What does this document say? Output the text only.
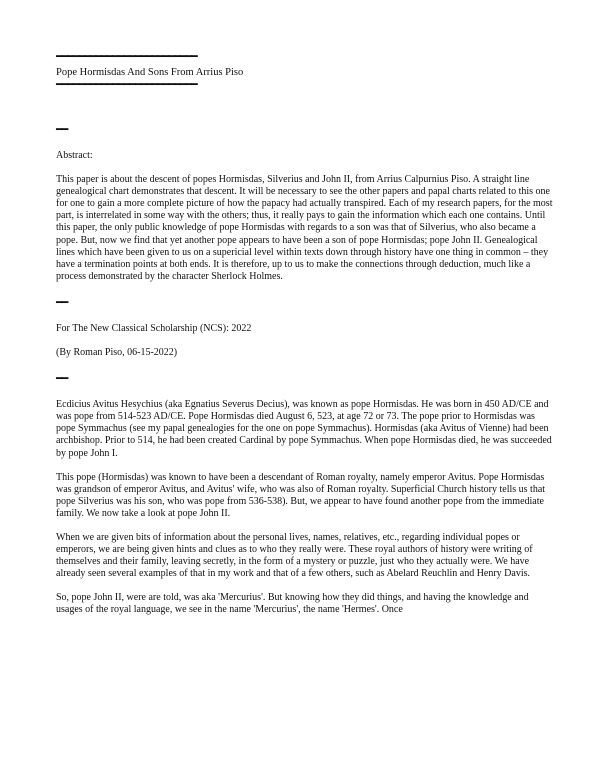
━━━━━━━━━━━━━━━━━━━━━━━━━
Pope Hormisdas And Sons From Arrius Piso
━━━━━━━━━━━━━━━━━━━━━━━━━
━━

Abstract:

This paper is about the descent of popes Hormisdas, Silverius and John II, from Arrius Calpurnius Piso. A straight line genealogical chart demonstrates that descent. It will be necessary to see the other papers and papal charts related to this one for one to gain a more complete picture of how the papacy had actually transpired. Each of my research papers, for the most part, is interrelated in some way with the others; thus, it really pays to gain the information which each one contains. Until this paper, the only public knowledge of pope Hormisdas with regards to a son was that of Silverius, who also became a pope. But, now we find that yet another pope appears to have been a son of pope Hormisdas; pope John II. Genealogical lines which have been given to us on a supericial level within texts down through history have one thing in common – they have a termination points at both ends. It is therefore, up to us to make the connections through deduction, much like a process demonstrated by the character Sherlock Holmes.

━━

For The New Classical Scholarship (NCS): 2022

(By Roman Piso, 06-15-2022)

━━

Ecdicius Avitus Hesychius (aka Egnatius Severus Decius), was known as pope Hormisdas. He was born in 450 AD/CE and was pope from 514-523 AD/CE. Pope Hormisdas died August 6, 523, at age 72 or 73. The pope prior to Hormisdas was pope Symmachus (see my papal genealogies for the one on pope Symmachus). Hormisdas (aka Avitus of Vienne) had been archbishop. Prior to 514, he had been created Cardinal by pope Symmachus. When pope Hormisdas died, he was succeeded by pope John I.

This pope (Hormisdas) was known to have been a descendant of Roman royalty, namely emperor Avitus. Pope Hormisdas was grandson of emperor Avitus, and Avitus' wife, who was also of Roman royalty. Superficial Church history tells us that pope Silverius was his son, who was pope from 536-538). But, we appear to have found another pope from the immediate family. We now take a look at pope John II.

When we are given bits of information about the personal lives, names, relatives, etc., regarding individual popes or emperors, we are being given hints and clues as to who they really were. These royal authors of history were writing of themselves and their family, leaving secretly, in the form of a mystery or puzzle, just who they actually were. We have already seen several examples of that in my work and that of a few others, such as Abelard Reuchlin and Henry Davis.

So, pope John II, were are told, was aka 'Mercurius'. But knowing how they did things, and having the knowledge and usages of the royal language, we see in the name 'Mercurius', the name 'Hermes'. Once
